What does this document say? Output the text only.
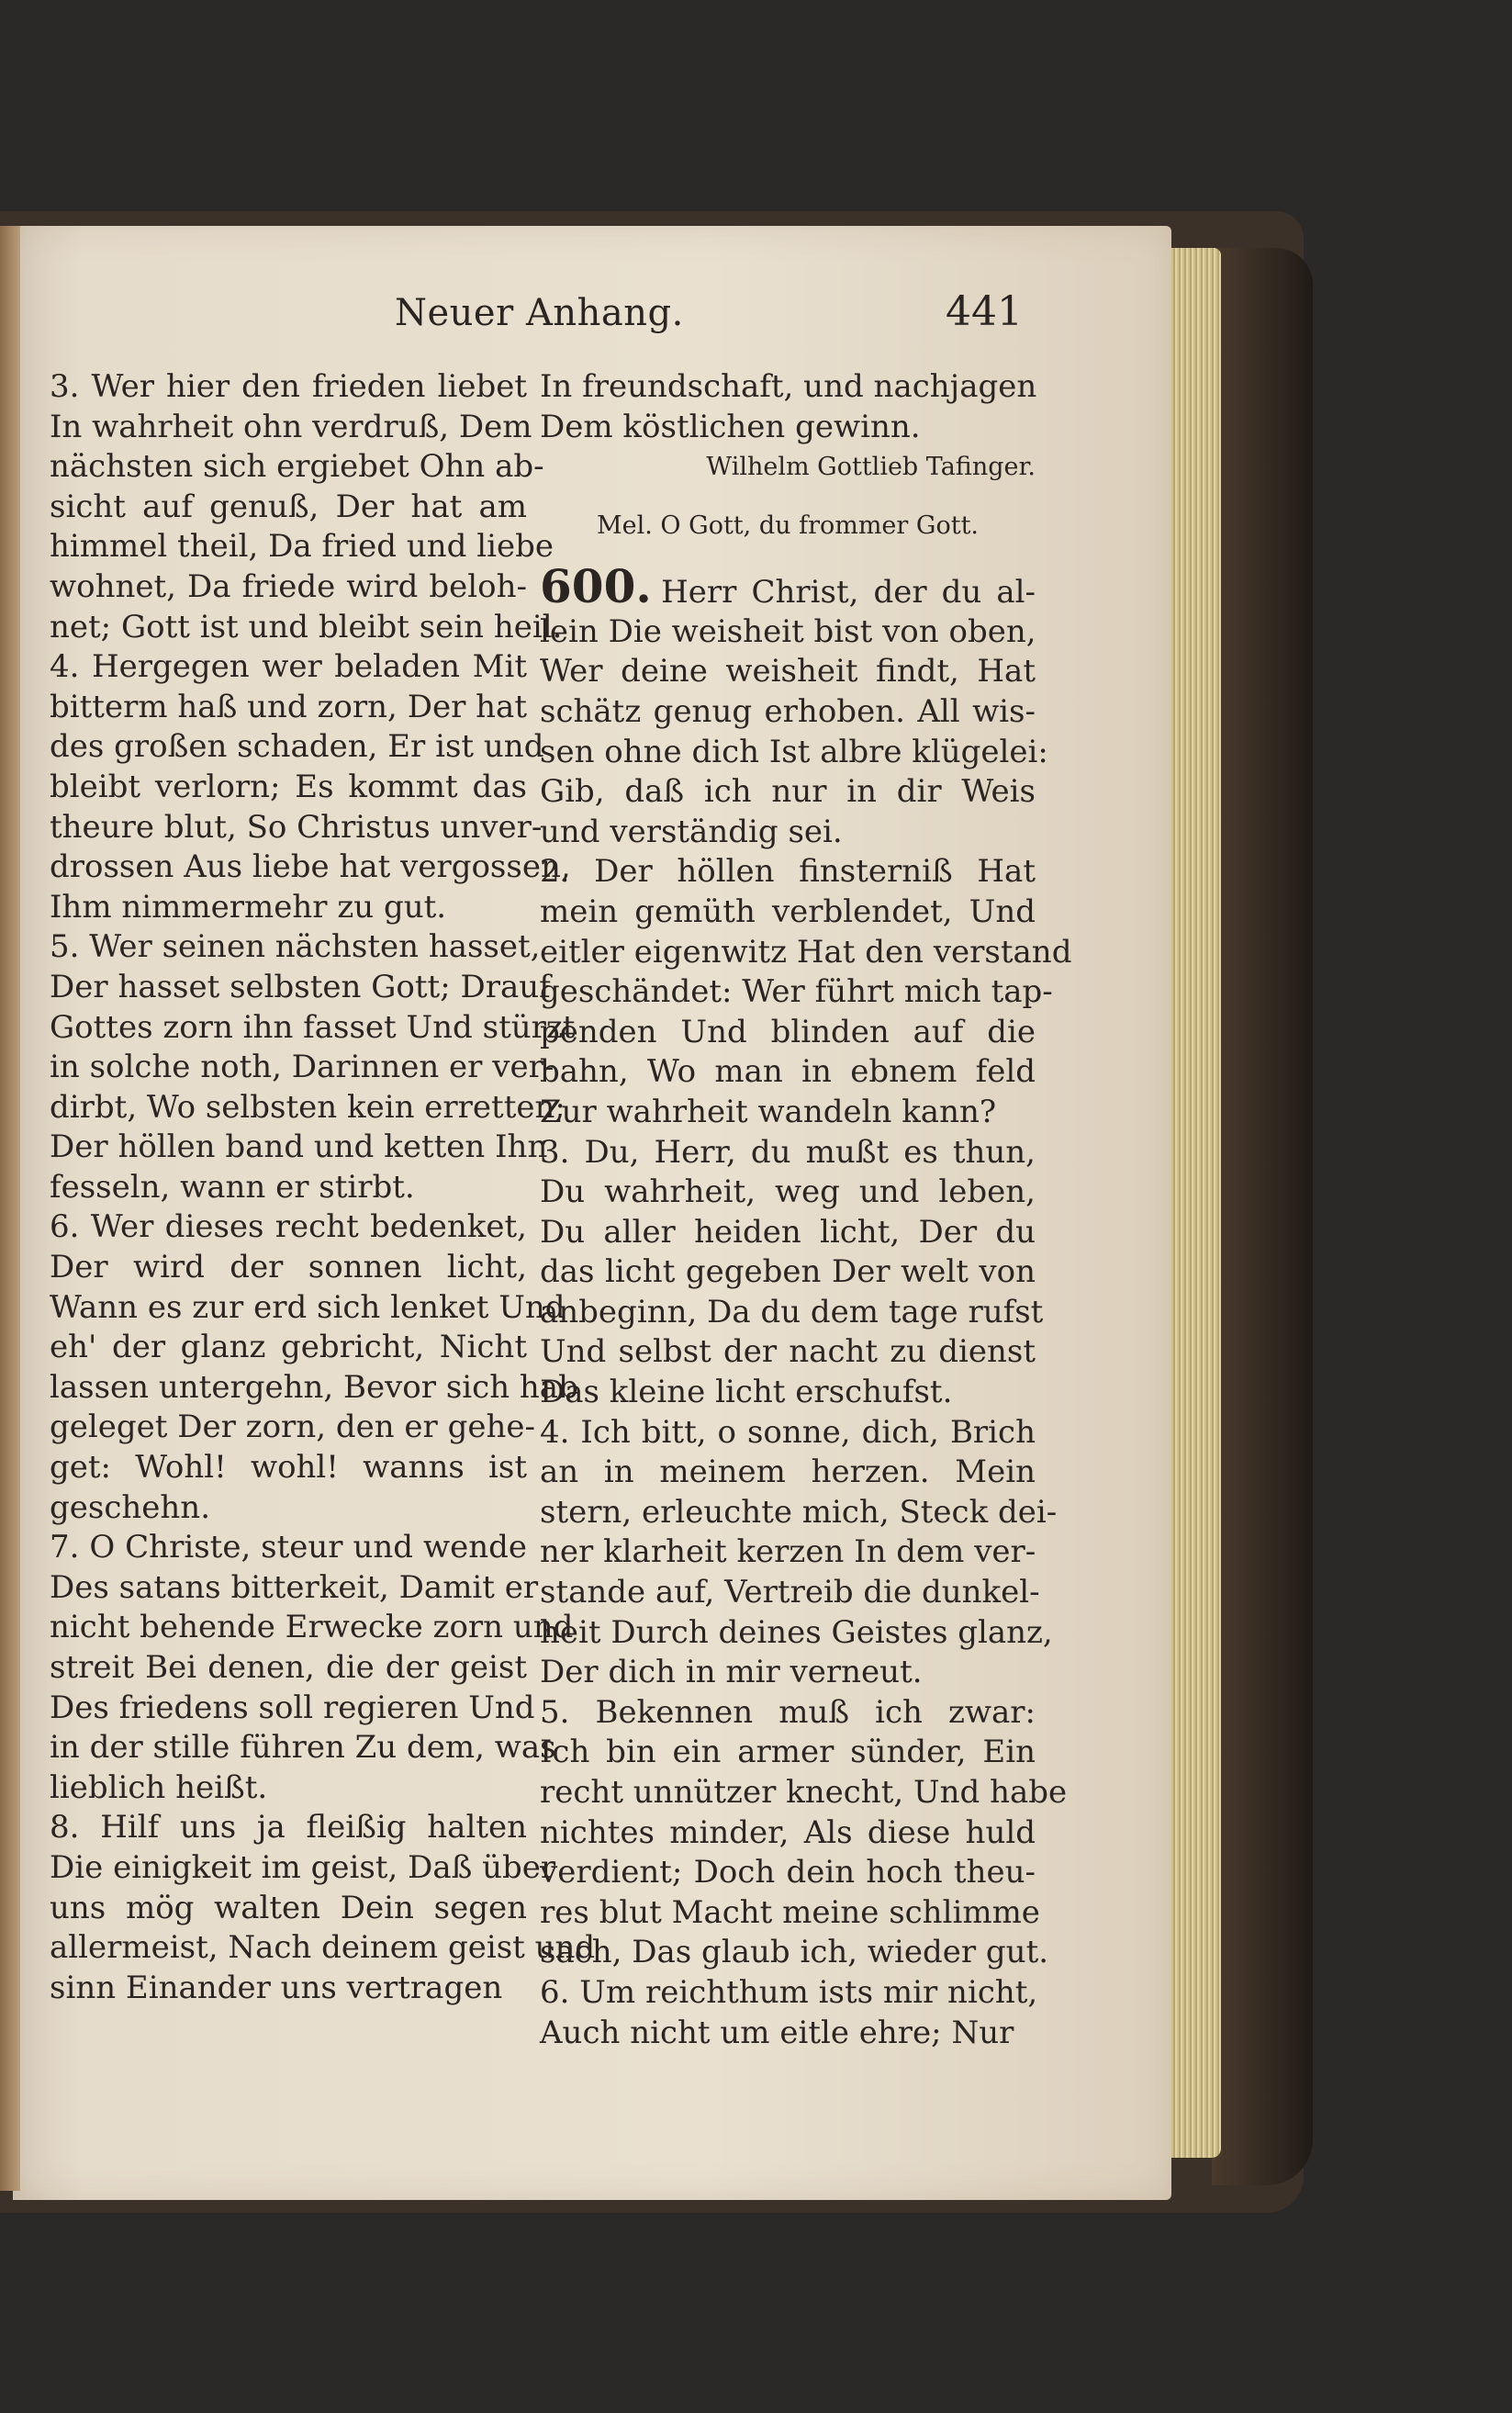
Neuer Anhang.	441
3. Wer hier den frieden liebet
In wahrheit ohn verdruß, Dem
nächsten sich ergiebet Ohn ab-
sicht auf genuß, Der hat am
himmel theil, Da fried und liebe
wohnet, Da friede wird beloh-
net; Gott ist und bleibt sein heil.
4. Hergegen wer beladen Mit
bitterm haß und zorn, Der hat
des großen schaden, Er ist und
bleibt verlorn; Es kommt das
theure blut, So Christus unver-
drossen Aus liebe hat vergossen,
Ihm nimmermehr zu gut.
5. Wer seinen nächsten hasset,
Der hasset selbsten Gott; Drauf
Gottes zorn ihn fasset Und stürzt
in solche noth, Darinnen er ver-
dirbt, Wo selbsten kein erretten;
Der höllen band und ketten Ihn
fesseln, wann er stirbt.
6. Wer dieses recht bedenket,
Der wird der sonnen licht,
Wann es zur erd sich lenket Und
eh' der glanz gebricht, Nicht
lassen untergehn, Bevor sich hab
geleget Der zorn, den er gehe-
get: Wohl! wohl! wanns ist
geschehn.
7. O Christe, steur und wende
Des satans bitterkeit, Damit er
nicht behende Erwecke zorn und
streit Bei denen, die der geist
Des friedens soll regieren Und
in der stille führen Zu dem, was
lieblich heißt.
8. Hilf uns ja fleißig halten
Die einigkeit im geist, Daß über
uns mög walten Dein segen
allermeist, Nach deinem geist und
sinn Einander uns vertragen
In freundschaft, und nachjagen
Dem köstlichen gewinn.
Wilhelm Gottlieb Tafinger.
Mel. O Gott, du frommer Gott.
600. Herr Christ, der du al-
lein Die weisheit bist von oben,
Wer deine weisheit findt, Hat
schätz genug erhoben. All wis-
sen ohne dich Ist albre klügelei:
Gib, daß ich nur in dir Weis
und verständig sei.
2. Der höllen finsterniß Hat
mein gemüth verblendet, Und
eitler eigenwitz Hat den verstand
geschändet: Wer führt mich tap-
penden Und blinden auf die
bahn, Wo man in ebnem feld
Zur wahrheit wandeln kann?
3. Du, Herr, du mußt es thun,
Du wahrheit, weg und leben,
Du aller heiden licht, Der du
das licht gegeben Der welt von
anbeginn, Da du dem tage rufst
Und selbst der nacht zu dienst
Das kleine licht erschufst.
4. Ich bitt, o sonne, dich, Brich
an in meinem herzen. Mein
stern, erleuchte mich, Steck dei-
ner klarheit kerzen In dem ver-
stande auf, Vertreib die dunkel-
heit Durch deines Geistes glanz,
Der dich in mir verneut.
5. Bekennen muß ich zwar:
Ich bin ein armer sünder, Ein
recht unnützer knecht, Und habe
nichtes minder, Als diese huld
verdient; Doch dein hoch theu-
res blut Macht meine schlimme
sach, Das glaub ich, wieder gut.
6. Um reichthum ists mir nicht,
Auch nicht um eitle ehre; Nur
